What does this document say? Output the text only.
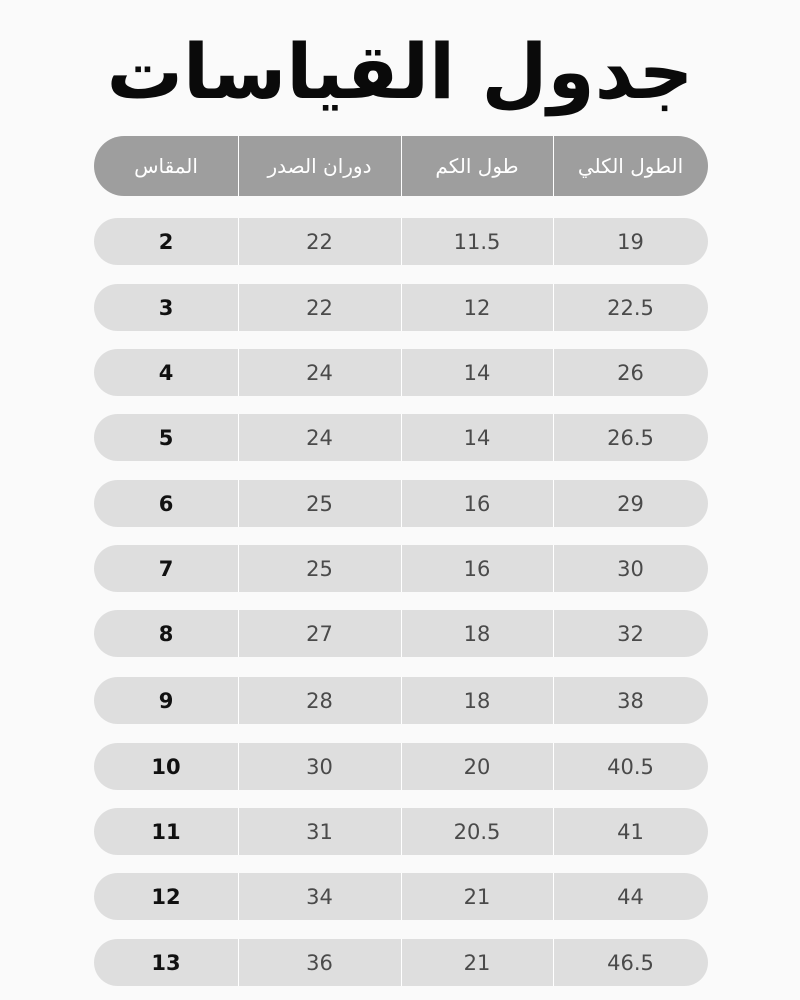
جدول القياسات
المقاس	دوران الصدر	طول الكم	الطول الكلي
2	22	11.5	19
3	22	12	22.5
4	24	14	26
5	24	14	26.5
6	25	16	29
7	25	16	30
8	27	18	32
9	28	18	38
10	30	20	40.5
11	31	20.5	41
12	34	21	44
13	36	21	46.5
